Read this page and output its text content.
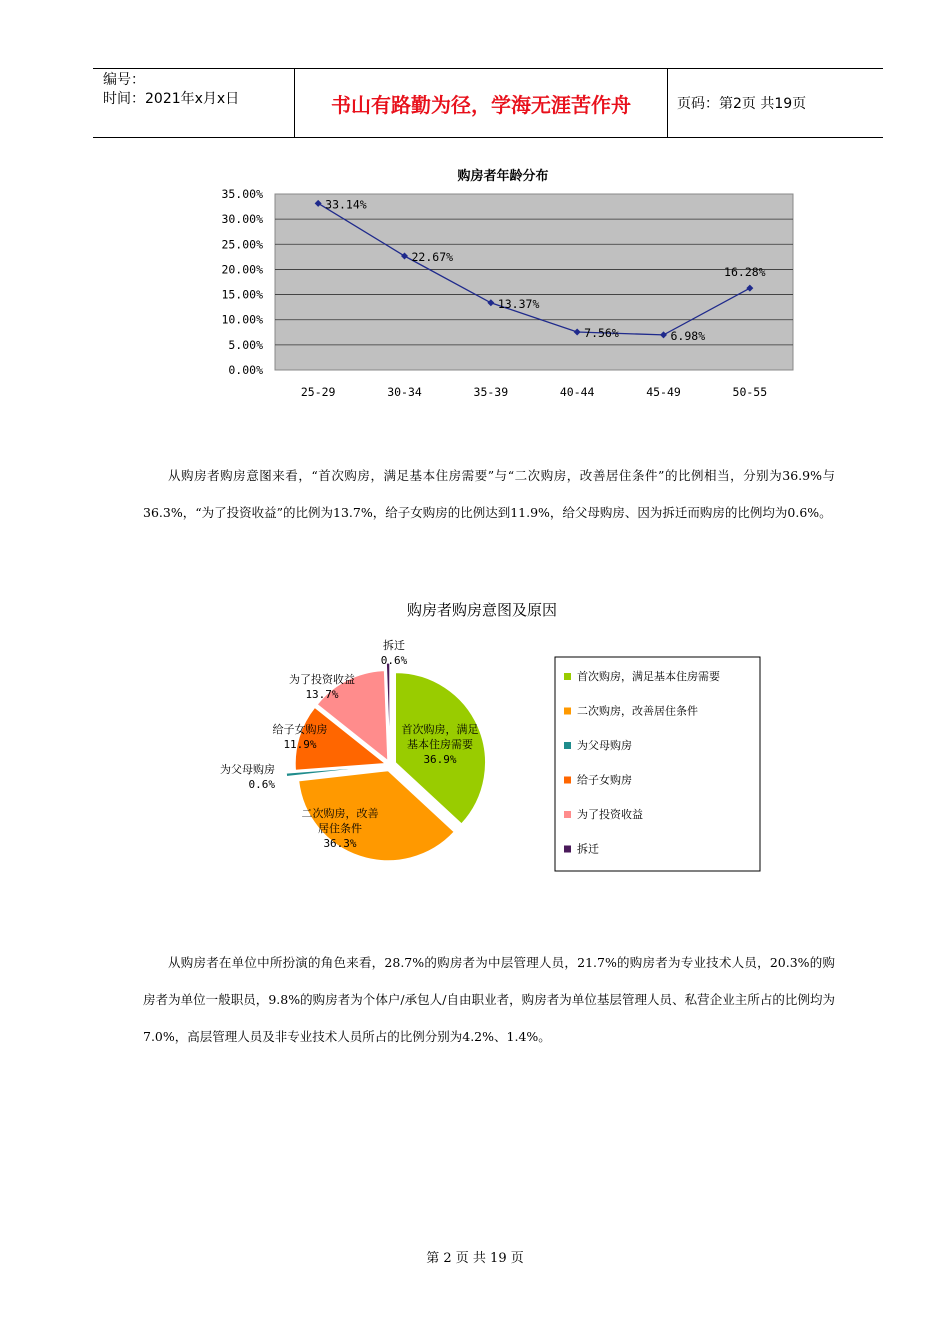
编号：
时间：2021年x月x日	书山有路勤为径，学海无涯苦作舟	页码：第2页 共19页
购房者年龄分布
35.00%
30.00%
25.00%
20.00%
15.00%
10.00%
5.00%
0.00%
25-29	30-34	35-39	40-44	45-49	50-55
33.14%
22.67%
13.37%
7.56%	6.98%
16.28%

从购房者购房意图来看，“首次购房，满足基本住房需要”与“二次购房，改善居住条件”的比例相当，分别为36.9%与36.3%，“为了投资收益”的比例为13.7%，给子女购房的比例达到11.9%，给父母购房、因为拆迁而购房的比例均为0.6%。

购房者购房意图及原因
首次购房，满足
基本住房需要
36.9%
二次购房，改善
居住条件
36.3%
为父母购房
0.6%
给子女购房
11.9%
为了投资收益
13.7%
拆迁
0.6%
首次购房，满足基本住房需要
二次购房，改善居住条件
为父母购房
给子女购房
为了投资收益
拆迁

从购房者在单位中所扮演的角色来看，28.7%的购房者为中层管理人员，21.7%的购房者为专业技术人员，20.3%的购房者为单位一般职员，9.8%的购房者为个体户/承包人/自由职业者，购房者为单位基层管理人员、私营企业主所占的比例均为7.0%，高层管理人员及非专业技术人员所占的比例分别为4.2%、1.4%。

第 2 页 共 19 页
